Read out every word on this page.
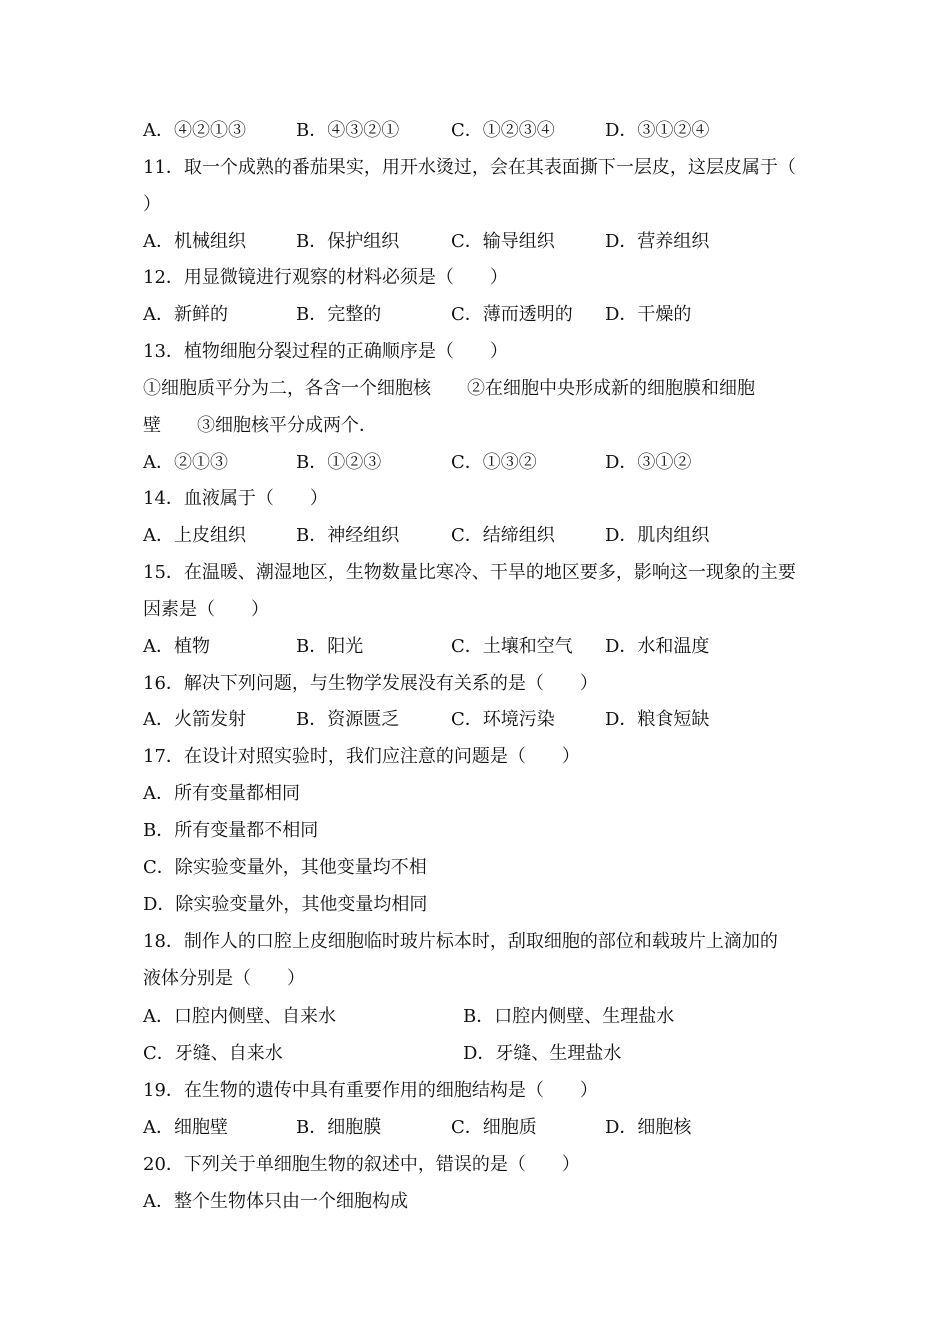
A．④②①③	B．④③②①	C．①②③④	D．③①②④
11．取一个成熟的番茄果实，用开水烫过，会在其表面撕下一层皮，这层皮属于（
）
A．机械组织	B．保护组织	C．输导组织	D．营养组织
12．用显微镜进行观察的材料必须是（　　）
A．新鲜的	B．完整的	C．薄而透明的 D．干燥的
13．植物细胞分裂过程的正确顺序是（　　）
①细胞质平分为二，各含一个细胞核　　②在细胞中央形成新的细胞膜和细胞
壁　　③细胞核平分成两个．
A．②①③	B．①②③	C．①③②	D．③①②
14．血液属于（　　）
A．上皮组织	B．神经组织	C．结缔组织	D．肌肉组织
15．在温暖、潮湿地区，生物数量比寒冷、干旱的地区要多，影响这一现象的主要
因素是（　　）
A．植物	B．阳光	C．土壤和空气 D．水和温度
16．解决下列问题，与生物学发展没有关系的是（　　）
A．火箭发射	B．资源匮乏	C．环境污染	D．粮食短缺
17．在设计对照实验时，我们应注意的问题是（　　）
A．所有变量都相同
B．所有变量都不相同
C．除实验变量外，其他变量均不相
D．除实验变量外，其他变量均相同
18．制作人的口腔上皮细胞临时玻片标本时，刮取细胞的部位和载玻片上滴加的
液体分别是（　　）
A．口腔内侧壁、自来水	B．口腔内侧壁、生理盐水
C．牙缝、自来水	D．牙缝、生理盐水
19．在生物的遗传中具有重要作用的细胞结构是（　　）
A．细胞壁	B．细胞膜	C．细胞质	D．细胞核
20．下列关于单细胞生物的叙述中，错误的是（　　）
A．整个生物体只由一个细胞构成
